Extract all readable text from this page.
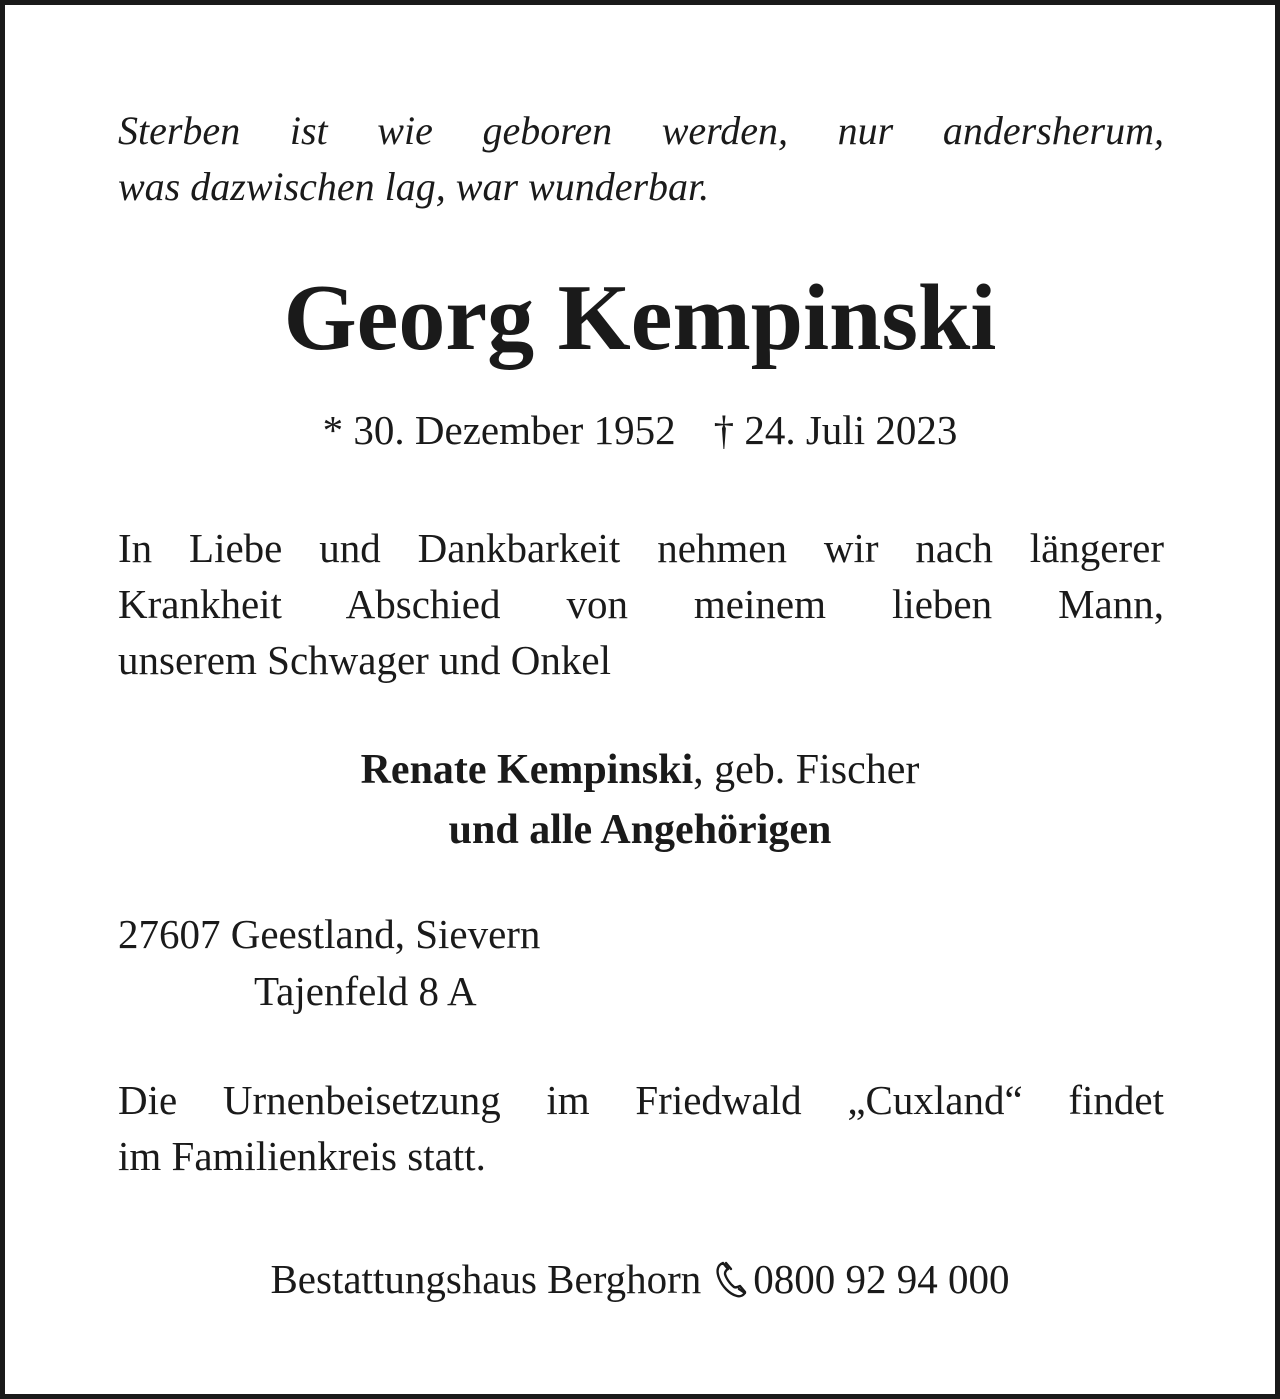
Sterben ist wie geboren werden, nur andersherum,
was dazwischen lag, war wunderbar.
Georg Kempinski
* 30. Dezember 1952 † 24. Juli 2023
In Liebe und Dankbarkeit nehmen wir nach längerer
Krankheit Abschied von meinem lieben Mann,
unserem Schwager und Onkel
Renate Kempinski, geb. Fischer
und alle Angehörigen
27607 Geestland, Sievern
Tajenfeld 8 A
Die Urnenbeisetzung im Friedwald „Cuxland“ findet
im Familienkreis statt.
Bestattungshaus Berghorn 0800 92 94 000
